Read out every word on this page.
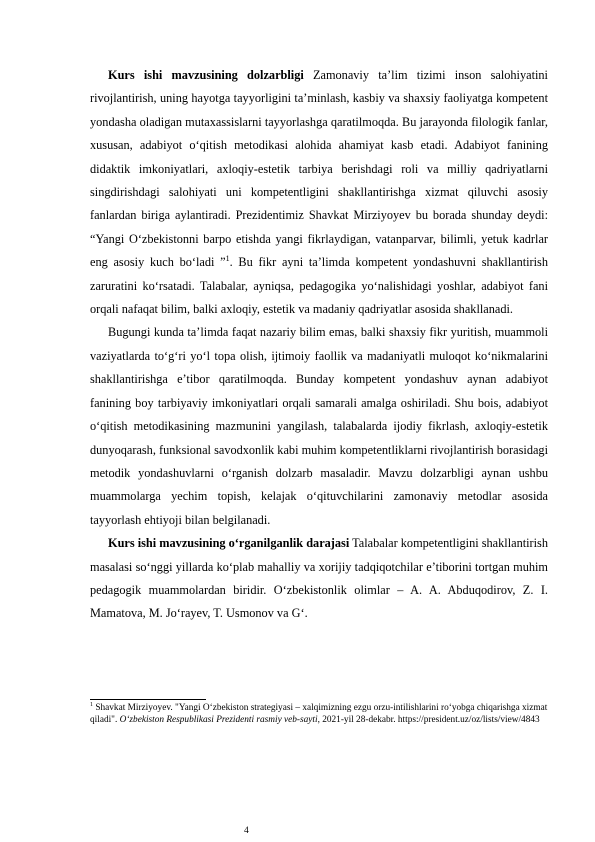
Kurs ishi mavzusining dolzarbligi Zamonaviy ta’lim tizimi inson salohiyatini rivojlantirish, uning hayotga tayyorligini ta’minlash, kasbiy va shaxsiy faoliyatga kompetent yondasha oladigan mutaxassislarni tayyorlashga qaratilmoqda. Bu jarayonda filologik fanlar, xususan, adabiyot o‘qitish metodikasi alohida ahamiyat kasb etadi. Adabiyot fanining didaktik imkoniyatlari, axloqiy-estetik tarbiya berishdagi roli va milliy qadriyatlarni singdirishdagi salohiyati uni kompetentligini shakllantirishga xizmat qiluvchi asosiy fanlardan biriga aylantiradi. Prezidentimiz Shavkat Mirziyoyev bu borada shunday deydi: “Yangi O‘zbekistonni barpo etishda yangi fikrlaydigan, vatanparvar, bilimli, yetuk kadrlar eng asosiy kuch bo‘ladi ”$^1$. Bu fikr ayni ta’limda kompetent yondashuvni shakllantirish zaruratini ko‘rsatadi. Talabalar, ayniqsa, pedagogika yo‘nalishidagi yoshlar, adabiyot fani orqali nafaqat bilim, balki axloqiy, estetik va madaniy qadriyatlar asosida shakllanadi.

Bugungi kunda ta’limda faqat nazariy bilim emas, balki shaxsiy fikr yuritish, muammoli vaziyatlarda to‘g‘ri yo‘l topa olish, ijtimoiy faollik va madaniyatli muloqot ko‘nikmalarini shakllantirishga e’tibor qaratilmoqda. Bunday kompetent yondashuv aynan adabiyot fanining boy tarbiyaviy imkoniyatlari orqali samarali amalga oshiriladi. Shu bois, adabiyot o‘qitish metodikasining mazmunini yangilash, talabalarda ijodiy fikrlash, axloqiy-estetik dunyoqarash, funksional savodxonlik kabi muhim kompetentliklarni rivojlantirish borasidagi metodik yondashuvlarni o‘rganish dolzarb masaladir. Mavzu dolzarbligi aynan ushbu muammolarga yechim topish, kelajak o‘qituvchilarini zamonaviy metodlar asosida tayyorlash ehtiyoji bilan belgilanadi.

Kurs ishi mavzusining o‘rganilganlik darajasi Talabalar kompetentligini shakllantirish masalasi so‘nggi yillarda ko‘plab mahalliy va xorijiy tadqiqotchilar e’tiborini tortgan muhim pedagogik muammolardan biridir. O‘zbekistonlik olimlar – A. A. Abduqodirov, Z. I. Mamatova, M. Jo‘rayev, T. Usmonov va G‘.

$^1$ Shavkat Mirziyoyev. "Yangi O‘zbekiston strategiyasi – xalqimizning ezgu orzu-intilishlarini ro‘yobga chiqarishga xizmat qiladi". O‘zbekiston Respublikasi Prezidenti rasmiy veb-sayti, 2021-yil 28-dekabr. https://president.uz/oz/lists/view/4843

4
